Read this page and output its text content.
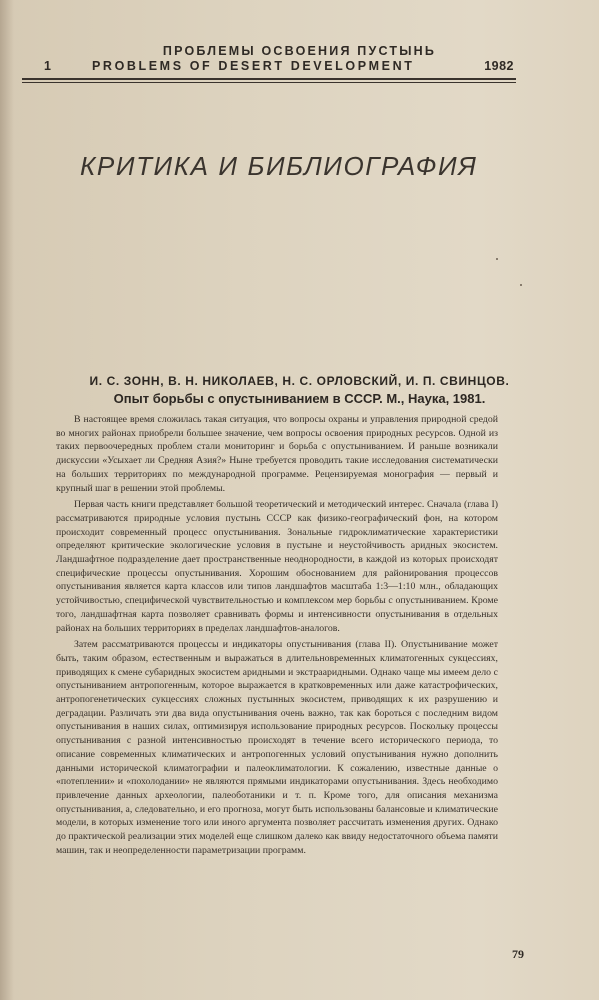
ПРОБЛЕМЫ ОСВОЕНИЯ ПУСТЫНЬ
1	PROBLEMS OF DESERT DEVELOPMENT	1982
КРИТИКА И БИБЛИОГРАФИЯ
И. С. ЗОНН, В. Н. НИКОЛАЕВ, Н. С. ОРЛОВСКИЙ, И. П. СВИНЦОВ.
Опыт борьбы с опустыниванием в СССР. М., Наука, 1981.

В настоящее время сложилась такая ситуация, что вопросы охраны и управления природной средой во многих районах приобрели большее значение, чем вопросы освоения природных ресурсов. Одной из таких первоочередных проблем стали мониторинг и борьба с опустыниванием. И раньше возникали дискуссии «Усыхает ли Средняя Азия?» Ныне требуется проводить такие исследования систематически на больших территориях по международной программе. Рецензируемая монография — первый и крупный шаг в решении этой проблемы.

Первая часть книги представляет большой теоретический и методический интерес. Сначала (глава I) рассматриваются природные условия пустынь СССР как физико-географический фон, на котором происходит современный процесс опустынивания. Зональные гидроклиматические характеристики определяют критические экологические условия в пустыне и неустойчивость аридных экосистем. Ландшафтное подразделение дает пространственные неоднородности, в каждой из которых происходят специфические процессы опустынивания. Хорошим обоснованием для районирования процессов опустынивания является карта классов или типов ландшафтов масштаба 1:3—1:10 млн., обладающих устойчивостью, специфической чувствительностью и комплексом мер борьбы с опустыниванием. Кроме того, ландшафтная карта позволяет сравнивать формы и интенсивности опустынивания в отдельных районах на больших территориях в пределах ландшафтов-аналогов.

Затем рассматриваются процессы и индикаторы опустынивания (глава II). Опустынивание может быть, таким образом, естественным и выражаться в длительновременных климатогенных сукцессиях, приводящих к смене субаридных экосистем аридными и экстрааридными. Однако чаще мы имеем дело с опустыниванием антропогенным, которое выражается в кратковременных или даже катастрофических, антропогенетических сукцессиях сложных пустынных экосистем, приводящих к их разрушению и деградации. Различать эти два вида опустынивания очень важно, так как бороться с последним видом опустынивания в наших силах, оптимизируя использование природных ресурсов. Поскольку процессы опустынивания с разной интенсивностью происходят в течение всего исторического периода, то описание современных климатических и антропогенных условий опустынивания нужно дополнить данными исторической климатографии и палеоклиматологии. К сожалению, известные данные о «потеплении» и «похолодании» не являются прямыми индикаторами опустынивания. Здесь необходимо привлечение данных археологии, палеоботаники и т. п. Кроме того, для описания механизма опустынивания, а, следовательно, и его прогноза, могут быть использованы балансовые и климатические модели, в которых изменение того или иного аргумента позволяет рассчитать изменения других. Однако до практической реализации этих моделей еще слишком далеко как ввиду недостаточного объема памяти машин, так и неопределенности параметризации программ.

79
